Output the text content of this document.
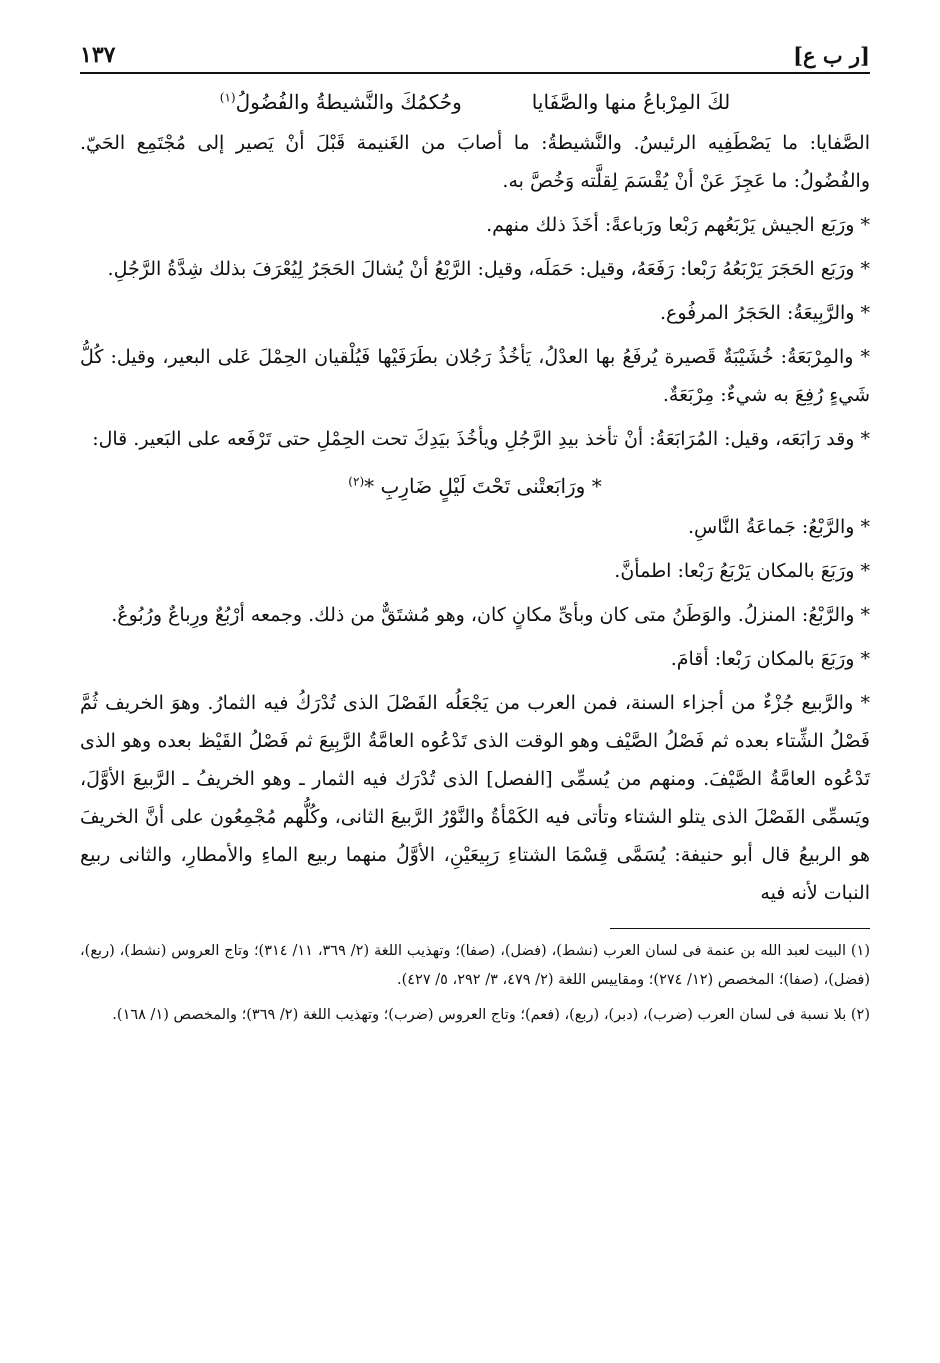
[ر ب ع]
١٣٧
لكَ المِرْباعُ منها والصَّفَايا
وحُكمُكَ والنَّشيطةُ والفُضُولُ$^{(١)}$

الصَّفايا: ما يَصْطَفِيه الرئيسُ. والنَّشيطةُ: ما أصابَ من الغَنيمة قَبْلَ أنْ يَصير إلى مُجْتَمِع الحَيّ. والفُضُولُ: ما عَجِزَ عَنْ أنْ يُقْسَمَ لِقلَّته وَخُصَّ به.

* ورَبَع الجيش يَرْبَعُهم رَبْعا ورَباعةً: أخَذَ ذلك منهم.

* ورَبَع الحَجَرَ يَرْبَعُهُ رَبْعا: رَفَعَهُ، وقيل: حَمَلَه، وقيل: الرَّبْعُ أنْ يُشالَ الحَجَرُ لِيُعْرَفَ بذلك شِدَّةُ الرَّجُلِ.

* والرَّبِيعَةُ: الحَجَرُ المرفُوع.

* والمِرْبَعَةُ: خُشَيْبَةٌ قَصيرة يُرفَعُ بها العدْلُ، يَأخُذُ رَجُلان بطَرَفَيْها فَيُلْقيان الحِمْلَ عَلى البعير، وقيل: كُلُّ شَيءٍ رُفِعَ به شيءٌ: مِرْبَعَةٌ.

* وقد رَابَعَه، وقيل: المُرَابَعَةُ: أنْ تأخذ بيدِ الرَّجُلِ ويأخُذَ بيَدِكَ تحت الحِمْلِ حتى تَرْفَعه على البَعير. قال:

* ورَابَعتْنى تَحْتَ لَيْلٍ ضَارِبِ *$^{(٢)}$

* والرَّبْعُ: جَماعَةُ النَّاسِ.

* ورَبَعَ بالمكان يَرْبَعُ رَبْعا: اطمأنَّ.

* والرَّبْعُ: المنزلُ. والوَطَنُ متى كان وبأىِّ مكانٍ كان، وهو مُشتَقٌّ من ذلك. وجمعه أرْبُعٌ ورِباعٌ ورُبُوعٌ.

* ورَبَعَ بالمكان رَبْعا: أقامَ.

* والرَّبيع جُزْءٌ من أجزاء السنة، فمن العرب من يَجْعَلُه الفَصْلَ الذى تُدْرَكُ فيه الثمارُ. وهوَ الخريف ثُمَّ فَصْلُ الشِّتاء بعده ثم فَصْلُ الصَّيْف وهو الوقت الذى تَدْعُوه العامَّةُ الرَّبِيعَ ثم فَصْلُ القَيْظ بعده وهو الذى تَدْعُوه العامَّةُ الصَّيْفَ. ومنهم من يُسمِّى [الفصل] الذى تُدْرَك فيه الثمار ـ وهو الخريفُ ـ الرَّبيعَ الأوَّلَ، ويَسمِّى الفَصْلَ الذى يتلو الشتاء وتأتى فيه الكَمْأةُ والنَّوْرُ الرَّبيعَ الثانى، وكُلُّهم مُجْمِعُون على أنَّ الخريفَ هو الربيعُ قال أبو حنيفة: يُسَمَّى قِسْمَا الشتاءِ رَبِيعَيْنِ، الأوَّلُ منهما ربيع الماءِ والأمطارِ، والثانى ربيع النبات لأنه فيه

(١) البيت لعبد الله بن عنمة فى لسان العرب (نشط)، (فضل)، (صفا)؛ وتهذيب اللغة (٢/ ٣٦٩، ١١/ ٣١٤)؛ وتاج العروس (نشط)، (ربع)، (فضل)، (صفا)؛ المخصص (١٢/ ٢٧٤)؛ ومقاييس اللغة (٢/ ٤٧٩، ٣/ ٢٩٢، ٥/ ٤٢٧).

(٢) بلا نسبة فى لسان العرب (ضرب)، (دبر)، (ربع)، (فعم)؛ وتاج العروس (ضرب)؛ وتهذيب اللغة (٢/ ٣٦٩)؛ والمخصص (١/ ١٦٨).
